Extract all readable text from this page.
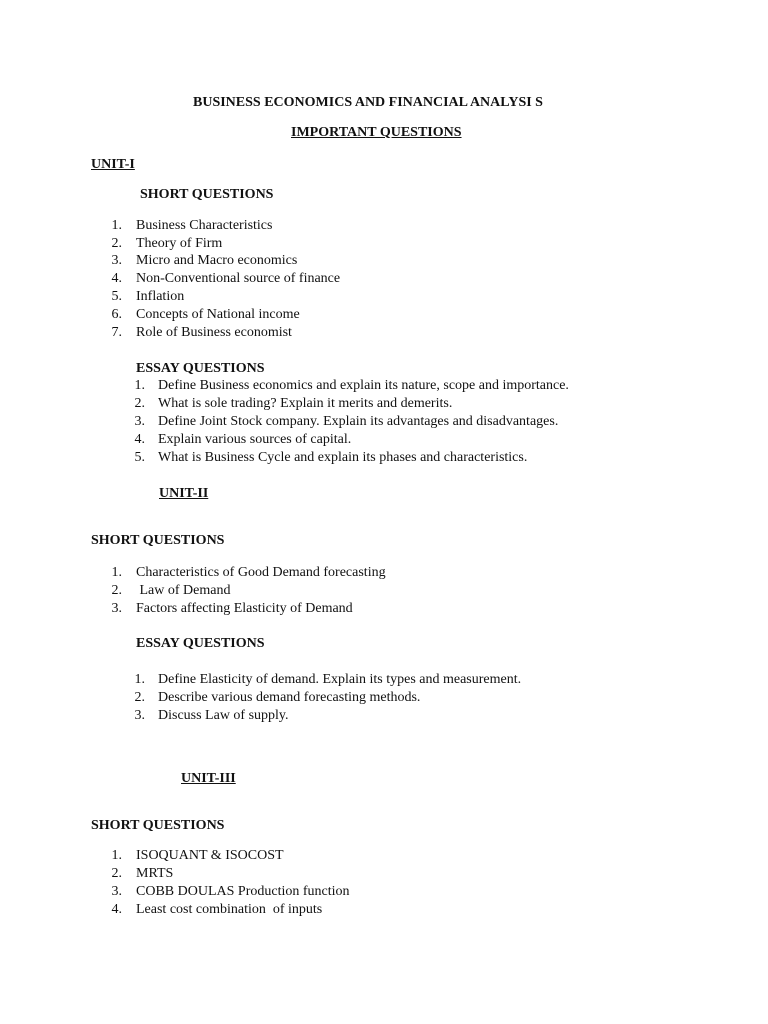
BUSINESS ECONOMICS AND FINANCIAL ANALYSI S
IMPORTANT QUESTIONS
UNIT-I
SHORT QUESTIONS
1. Business Characteristics
2. Theory of Firm
3. Micro and Macro economics
4. Non-Conventional source of finance
5. Inflation
6. Concepts of National income
7. Role of Business economist
ESSAY QUESTIONS
1. Define Business economics and explain its nature, scope and importance.
2. What is sole trading? Explain it merits and demerits.
3. Define Joint Stock company. Explain its advantages and disadvantages.
4. Explain various sources of capital.
5. What is Business Cycle and explain its phases and characteristics.
UNIT-II
SHORT QUESTIONS
1. Characteristics of Good Demand forecasting
2. Law of Demand
3. Factors affecting Elasticity of Demand
ESSAY QUESTIONS
1. Define Elasticity of demand. Explain its types and measurement.
2. Describe various demand forecasting methods.
3. Discuss Law of supply.
UNIT-III
SHORT QUESTIONS
1. ISOQUANT & ISOCOST
2. MRTS
3. COBB DOULAS Production function
4. Least cost combination  of inputs
